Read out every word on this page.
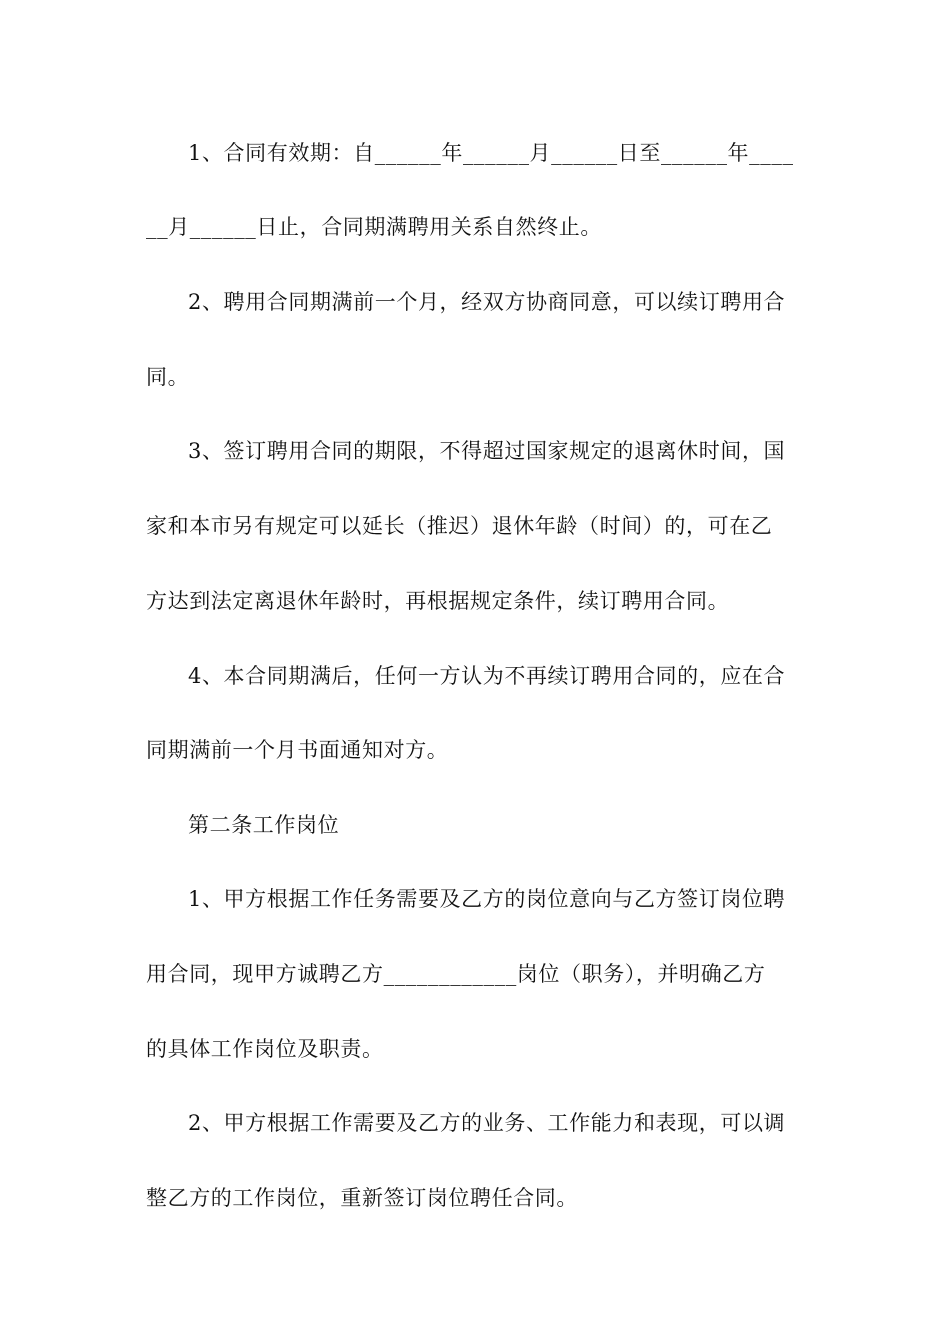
1、合同有效期：自______年______月______日至______年____
__月______日止，合同期满聘用关系自然终止。
2、聘用合同期满前一个月，经双方协商同意，可以续订聘用合
同。
3、签订聘用合同的期限，不得超过国家规定的退离休时间，国
家和本市另有规定可以延长（推迟）退休年龄（时间）的，可在乙
方达到法定离退休年龄时，再根据规定条件，续订聘用合同。
4、本合同期满后，任何一方认为不再续订聘用合同的，应在合
同期满前一个月书面通知对方。
第二条工作岗位
1、甲方根据工作任务需要及乙方的岗位意向与乙方签订岗位聘
用合同，现甲方诚聘乙方____________岗位（职务），并明确乙方
的具体工作岗位及职责。
2、甲方根据工作需要及乙方的业务、工作能力和表现，可以调
整乙方的工作岗位，重新签订岗位聘任合同。
